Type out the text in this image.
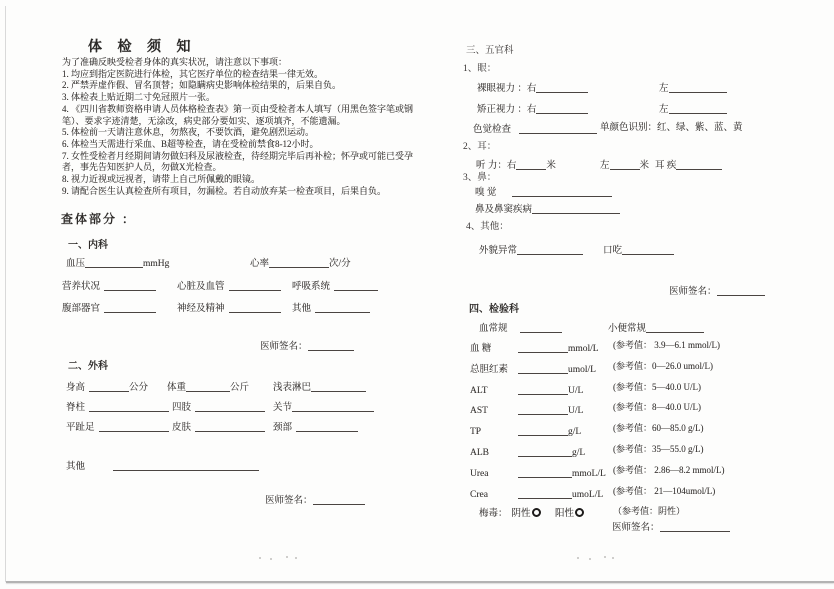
体 检 须 知
为了准确反映受检者身体的真实状况，请注意以下事项：
1. 均应到指定医院进行体检，其它医疗单位的检查结果一律无效。
2. 严禁弄虚作假、冒名顶替；如隐瞒病史影响体检结果的，后果自负。
3. 体检表上贴近期二寸免冠照片一张。
4. 《四川省教师资格申请人员体格检查表》第一页由受检者本人填写（用黑色签字笔或钢笔）、要求字迹清楚，无涂改，病史部分要如实、逐项填齐，不能遗漏。
5. 体检前一天请注意休息，勿熬夜，不要饮酒，避免剧烈运动。
6. 体检当天需进行采血、B超等检查，请在受检前禁食8-12小时。
7. 女性受检者月经期间请勿做妇科及尿液检查，待经期完毕后再补检；怀孕或可能已受孕者，事先告知医护人员，勿做X光检查。
8. 视力近视或远视者，请带上自己所佩戴的眼镜。
9. 请配合医生认真检查所有项目，勿漏检。若自动放弃某一检查项目，后果自负。
查体部分 ：
一、内科
血压	mmHg	心率	次/分
营养状况	心脏及血管	呼吸系统
腹部器官	神经及精神	其他
医师签名：
二、外科
身高	公分 体重	公斤	浅表淋巴
脊柱	四肢	关节
平趾足	皮肤	颈部
其他
医师签名：
三、五官科
1、眼：
裸眼视力 ：右	左
矫正视力 ：右	左
色觉检查	单颜色识别：红、绿、紫、蓝、黄
2、耳：
听 力：右	米	左	米 耳 疾
3、鼻：
嗅 觉
鼻及鼻窦疾病
4、其他：
外貌异常	口吃
医师签名：
四、检验科
血常规	小便常规
血 糖	mmol/L (参考值： 3.9—6.1 mmol/L)
总胆红素	umol/L (参考值：0—26.0 umol/L)
ALT	U/L	(参考值：5—40.0 U/L)
AST	U/L	(参考值：8—40.0 U/L)
TP	g/L	(参考值：60—85.0 g/L)
ALB	g/L	(参考值：35—55.0 g/L)
Urea	mmoL/L (参考值： 2.86—8.2 mmol/L)
Crea	umoL/L (参考值： 21—104umol/L)
梅毒： 阴性	阳性	（参考值：阴性）
医师签名：
